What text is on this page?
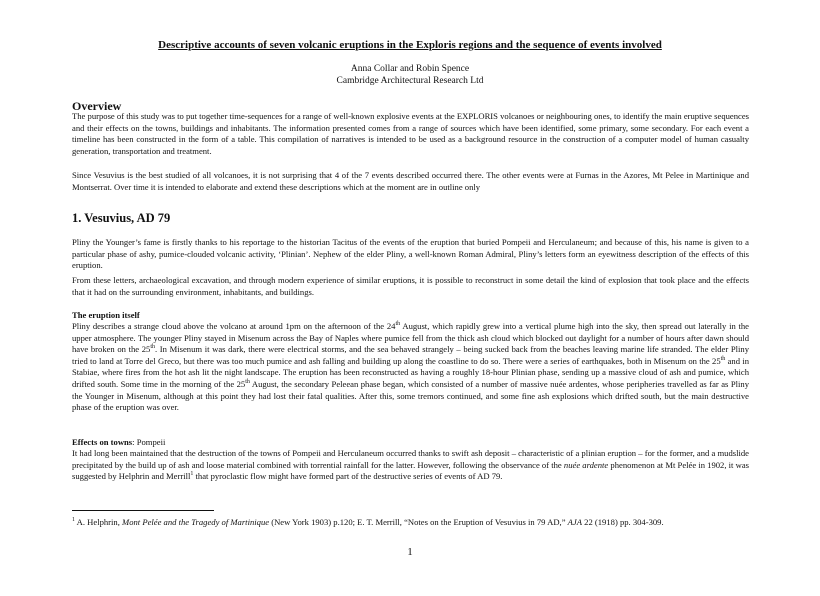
Descriptive accounts of seven volcanic eruptions in the Exploris regions and the sequence of events involved
Anna Collar and Robin Spence
Cambridge Architectural Research Ltd
Overview
The purpose of this study was to put together time-sequences for a range of well-known explosive events at the EXPLORIS volcanoes or neighbouring ones, to identify the main eruptive sequences and their effects on the towns, buildings and inhabitants. The information presented comes from a range of sources which have been identified, some primary, some secondary. For each event a timeline has been constructed in the form of a table. This compilation of narratives is intended to be used as a background resource in the construction of a computer model of human casualty generation, transportation and treatment.
Since Vesuvius is the best studied of all volcanoes, it is not surprising that 4 of the 7 events described occurred there. The other events were at Furnas in the Azores, Mt Pelee in Martinique and Montserrat. Over time it is intended to elaborate and extend these descriptions which at the moment are in outline only
1. Vesuvius, AD 79
Pliny the Younger’s fame is firstly thanks to his reportage to the historian Tacitus of the events of the eruption that buried Pompeii and Herculaneum; and because of this, his name is given to a particular phase of ashy, pumice-clouded volcanic activity, ‘Plinian’. Nephew of the elder Pliny, a well-known Roman Admiral, Pliny’s letters form an eyewitness description of the effects of this eruption.
From these letters, archaeological excavation, and through modern experience of similar eruptions, it is possible to reconstruct in some detail the kind of explosion that took place and the effects that it had on the surrounding environment, inhabitants, and buildings.
The eruption itself
Pliny describes a strange cloud above the volcano at around 1pm on the afternoon of the 24th August, which rapidly grew into a vertical plume high into the sky, then spread out laterally in the upper atmosphere. The younger Pliny stayed in Misenum across the Bay of Naples where pumice fell from the thick ash cloud which blocked out daylight for a number of hours after dawn should have broken on the 25th. In Misenum it was dark, there were electrical storms, and the sea behaved strangely – being sucked back from the beaches leaving marine life stranded. The elder Pliny tried to land at Torre del Greco, but there was too much pumice and ash falling and building up along the coastline to do so. There were a series of earthquakes, both in Misenum on the 25th and in Stabiae, where fires from the hot ash lit the night landscape. The eruption has been reconstructed as having a roughly 18-hour Plinian phase, sending up a massive cloud of ash and pumice, which drifted south. Some time in the morning of the 25th August, the secondary Peleean phase began, which consisted of a number of massive nuée ardentes, whose peripheries travelled as far as Pliny the Younger in Misenum, although at this point they had lost their fatal qualities. After this, some tremors continued, and some fine ash explosions which drifted south, but the main destructive phase of the eruption was over.
Effects on towns: Pompeii
It had long been maintained that the destruction of the towns of Pompeii and Herculaneum occurred thanks to swift ash deposit – characteristic of a plinian eruption – for the former, and a mudslide precipitated by the build up of ash and loose material combined with torrential rainfall for the latter. However, following the observance of the nuée ardente phenomenon at Mt Pelée in 1902, it was suggested by Helphrin and Merrill$^1$ that pyroclastic flow might have formed part of the destructive series of events of AD 79.
$^1$ A. Helphrin, Mont Pelée and the Tragedy of Martinique (New York 1903) p.120; E. T. Merrill, “Notes on the Eruption of Vesuvius in 79 AD,” AJA 22 (1918) pp. 304-309.
1
